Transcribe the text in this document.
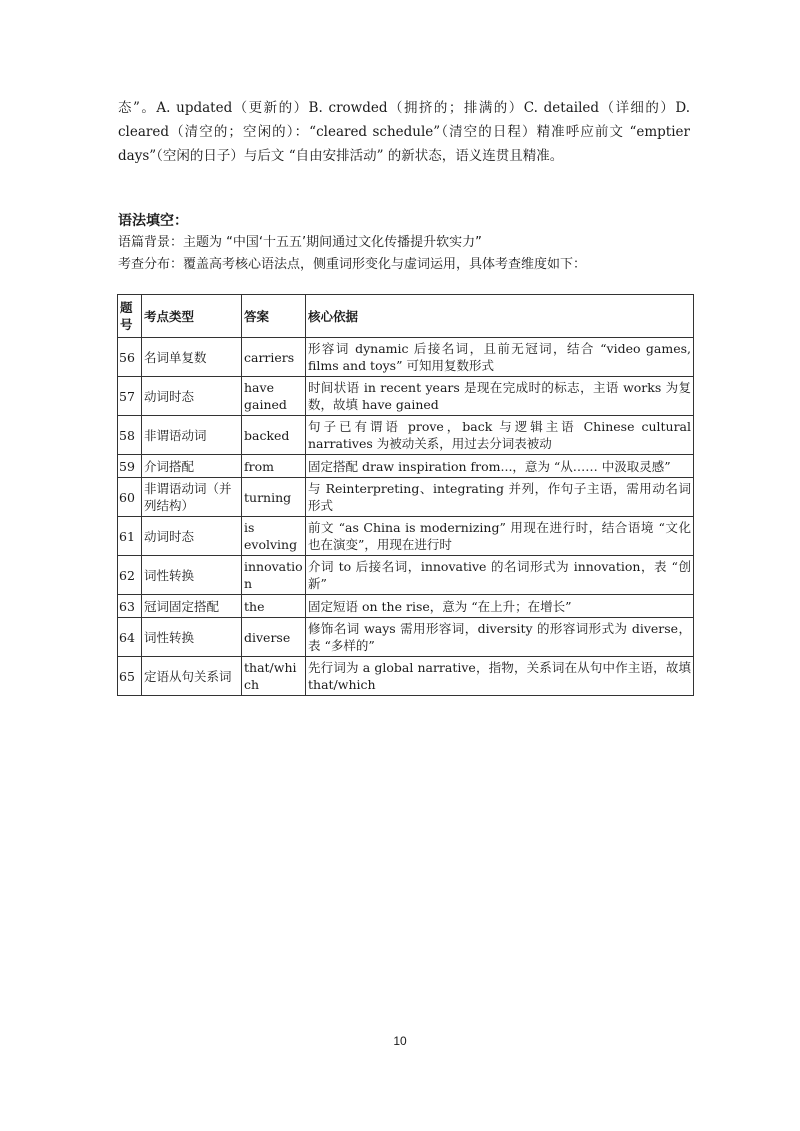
态”。A. updated（更新的）B. crowded（拥挤的；排满的）C. detailed（详细的）D. cleared（清空的；空闲的）：“cleared schedule”（清空的日程）精准呼应前文 “emptier days”（空闲的日子）与后文 “自由安排活动” 的新状态，语义连贯且精准。

语法填空：

语篇背景：主题为 “中国‘十五五’期间通过文化传播提升软实力”

考查分布：覆盖高考核心语法点，侧重词形变化与虚词运用，具体考查维度如下：

题号	考点类型	答案	核心依据
56	名词单复数	carriers	形容词 dynamic 后接名词，且前无冠词，结合 “video games, films and toys” 可知用复数形式
57	动词时态	have gained	时间状语 in recent years 是现在完成时的标志，主语 works 为复数，故填 have gained
58	非谓语动词	backed	句子已有谓语 prove，back 与逻辑主语 Chinese cultural narratives 为被动关系，用过去分词表被动
59	介词搭配	from	固定搭配 draw inspiration from...，意为 “从…… 中汲取灵感”
60	非谓语动词（并列结构）	turning	与 Reinterpreting、integrating 并列，作句子主语，需用动名词形式
61	动词时态	is evolving	前文 “as China is modernizing” 用现在进行时，结合语境 “文化也在演变”，用现在进行时
62	词性转换	innovation	介词 to 后接名词，innovative 的名词形式为 innovation，表 “创新”
63	冠词固定搭配	the	固定短语 on the rise，意为 “在上升；在增长”
64	词性转换	diverse	修饰名词 ways 需用形容词，diversity 的形容词形式为 diverse，表 “多样的”
65	定语从句关系词	that/which	先行词为 a global narrative，指物，关系词在从句中作主语，故填 that/which
10
